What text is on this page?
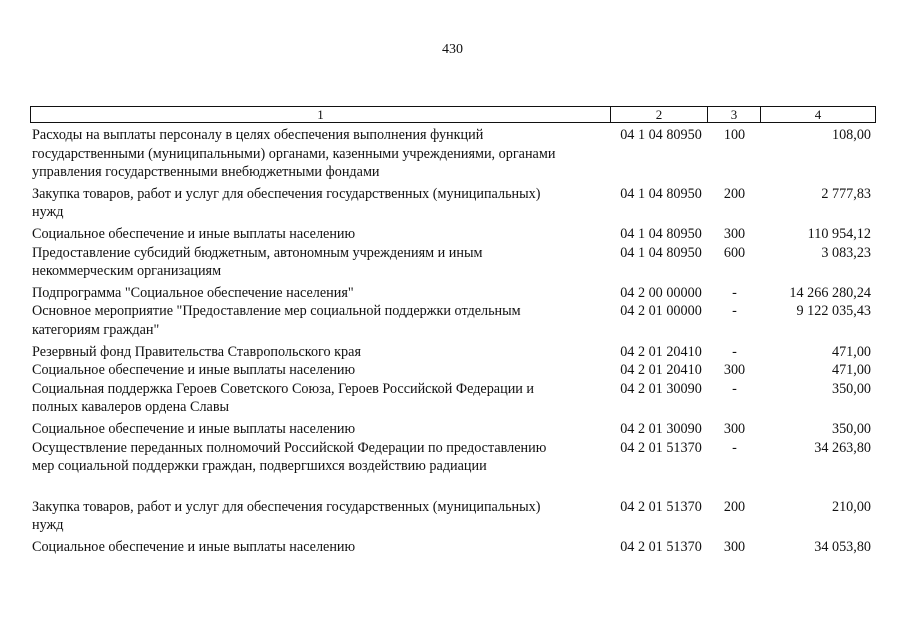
430
1	2	3	4
Расходы на выплаты персоналу в целях обеспечения выполнения функций
государственными (муниципальными) органами, казенными учреждениями, органами
управления государственными внебюджетными фондами
04 1 04 80950	100	108,00
Закупка товаров, работ и услуг для обеспечения государственных (муниципальных)
нужд
04 1 04 80950	200	2 777,83
Социальное обеспечение и иные выплаты населению	04 1 04 80950	300	110 954,12
Предоставление субсидий бюджетным, автономным учреждениям и иным
некоммерческим организациям
04 1 04 80950	600	3 083,23
Подпрограмма "Социальное обеспечение населения"	04 2 00 00000	-	14 266 280,24
Основное мероприятие "Предоставление мер социальной поддержки отдельным
категориям граждан"
04 2 01 00000	-	9 122 035,43
Резервный фонд Правительства Ставропольского края	04 2 01 20410	-	471,00
Социальное обеспечение и иные выплаты населению	04 2 01 20410	300	471,00
Социальная поддержка Героев Советского Союза, Героев Российской Федерации и
полных кавалеров ордена Славы
04 2 01 30090	-	350,00
Социальное обеспечение и иные выплаты населению	04 2 01 30090	300	350,00
Осуществление переданных полномочий Российской Федерации по предоставлению
мер социальной поддержки граждан, подвергшихся воздействию радиации
04 2 01 51370	-	34 263,80
Закупка товаров, работ и услуг для обеспечения государственных (муниципальных)
нужд
04 2 01 51370	200	210,00
Социальное обеспечение и иные выплаты населению	04 2 01 51370	300	34 053,80
